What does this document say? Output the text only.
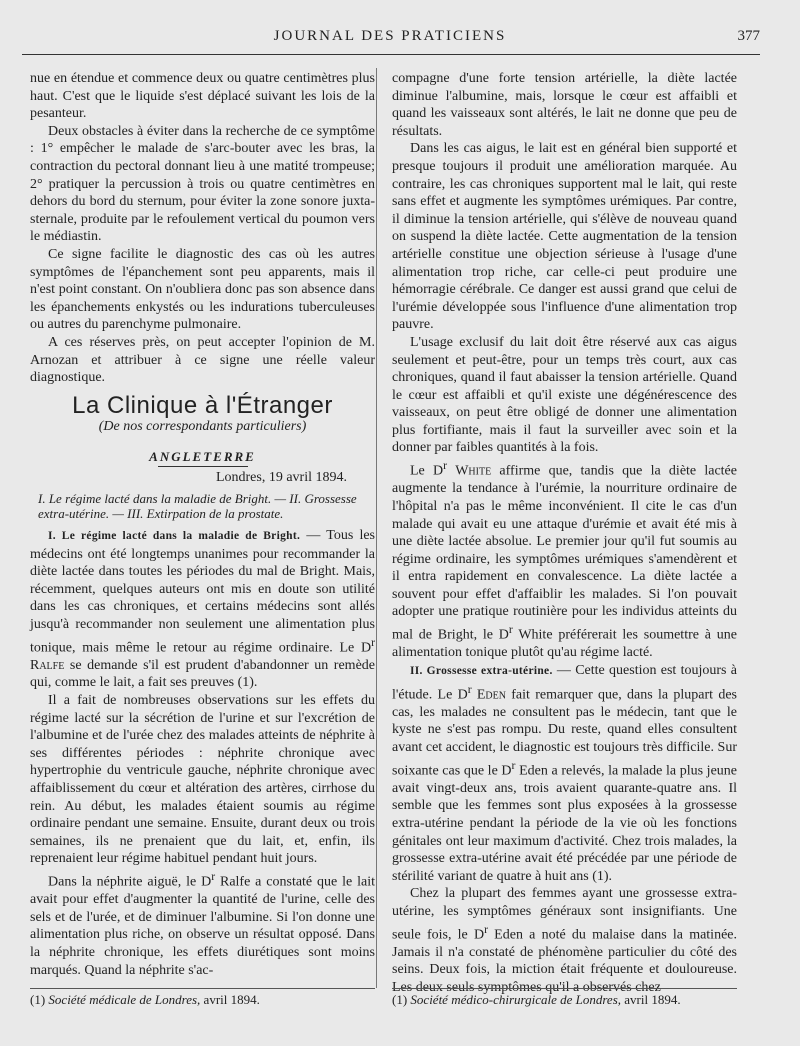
JOURNAL DES PRATICIENS	377

nue en étendue et commence deux ou quatre centimètres plus haut. C'est que le liquide s'est déplacé suivant les lois de la pesanteur.

Deux obstacles à éviter dans la recherche de ce symptôme : 1° empêcher le malade de s'arc-bouter avec les bras, la contraction du pectoral donnant lieu à une matité trompeuse; 2° pratiquer la percussion à trois ou quatre centimètres en dehors du bord du sternum, pour éviter la zone sonore juxta-sternale, produite par le refoulement vertical du poumon vers le médiastin.

Ce signe facilite le diagnostic des cas où les autres symptômes de l'épanchement sont peu apparents, mais il n'est point constant. On n'oubliera donc pas son absence dans les épanchements enkystés ou les indurations tuberculeuses ou autres du parenchyme pulmonaire.

A ces réserves près, on peut accepter l'opinion de M. Arnozan et attribuer à ce signe une réelle valeur diagnostique.

La Clinique à l'Étranger
(De nos correspondants particuliers)
ANGLETERRE
Londres, 19 avril 1894.
I. Le régime lacté dans la maladie de Bright. — II. Grossesse extra-utérine. — III. Extirpation de la prostate.

I. Le régime lacté dans la maladie de Bright. — Tous les médecins ont été longtemps unanimes pour recommander la diète lactée dans toutes les périodes du mal de Bright. Mais, récemment, quelques auteurs ont mis en doute son utilité dans les cas chroniques, et certains médecins sont allés jusqu'à recommander non seulement une alimentation plus tonique, mais même le retour au régime ordinaire. Le $D^r$ Ralfe se demande s'il est prudent d'abandonner un remède qui, comme le lait, a fait ses preuves (1).

Il a fait de nombreuses observations sur les effets du régime lacté sur la sécrétion de l'urine et sur l'excrétion de l'albumine et de l'urée chez des malades atteints de néphrite à ses différentes périodes : néphrite chronique avec hypertrophie du ventricule gauche, néphrite chronique avec affaiblissement du cœur et altération des artères, cirrhose du rein. Au début, les malades étaient soumis au régime ordinaire pendant une semaine. Ensuite, durant deux ou trois semaines, ils ne prenaient que du lait, et, enfin, ils reprenaient leur régime habituel pendant huit jours.

Dans la néphrite aiguë, le $D^r$ Ralfe a constaté que le lait avait pour effet d'augmenter la quantité de l'urine, celle des sels et de l'urée, et de diminuer l'albumine. Si l'on donne une alimentation plus riche, on observe un résultat opposé. Dans la néphrite chronique, les effets diurétiques sont moins marqués. Quand la néphrite s'ac-

compagne d'une forte tension artérielle, la diète lactée diminue l'albumine, mais, lorsque le cœur est affaibli et quand les vaisseaux sont altérés, le lait ne donne que peu de résultats.

Dans les cas aigus, le lait est en général bien supporté et presque toujours il produit une amélioration marquée. Au contraire, les cas chroniques supportent mal le lait, qui reste sans effet et augmente les symptômes urémiques. Par contre, il diminue la tension artérielle, qui s'élève de nouveau quand on suspend la diète lactée. Cette augmentation de la tension artérielle constitue une objection sérieuse à l'usage d'une alimentation trop riche, car celle-ci peut produire une hémorragie cérébrale. Ce danger est aussi grand que celui de l'urémie développée sous l'influence d'une alimentation trop pauvre.

L'usage exclusif du lait doit être réservé aux cas aigus seulement et peut-être, pour un temps très court, aux cas chroniques, quand il faut abaisser la tension artérielle. Quand le cœur est affaibli et qu'il existe une dégénérescence des vaisseaux, on peut être obligé de donner une alimentation plus fortifiante, mais il faut la surveiller avec soin et la donner par faibles quantités à la fois.

Le $D^r$ White affirme que, tandis que la diète lactée augmente la tendance à l'urémie, la nourriture ordinaire de l'hôpital n'a pas le même inconvénient. Il cite le cas d'un malade qui avait eu une attaque d'urémie et avait été mis à une diète lactée absolue. Le premier jour qu'il fut soumis au régime ordinaire, les symptômes urémiques s'amendèrent et il entra rapidement en convalescence. La diète lactée a souvent pour effet d'affaiblir les malades. Si l'on pouvait adopter une pratique routinière pour les individus atteints du mal de Bright, le $D^r$ White préférerait les soumettre à une alimentation tonique plutôt qu'au régime lacté.

II. Grossesse extra-utérine. — Cette question est toujours à l'étude. Le $D^r$ Eden fait remarquer que, dans la plupart des cas, les malades ne consultent pas le médecin, tant que le kyste ne s'est pas rompu. Du reste, quand elles consultent avant cet accident, le diagnostic est toujours très difficile. Sur soixante cas que le $D^r$ Eden a relevés, la malade la plus jeune avait vingt-deux ans, trois avaient quarante-quatre ans. Il semble que les femmes sont plus exposées à la grossesse extra-utérine pendant la période de la vie où les fonctions génitales ont leur maximum d'activité. Chez trois malades, la grossesse extra-utérine avait été précédée par une période de stérilité variant de quatre à huit ans (1).

Chez la plupart des femmes ayant une grossesse extra-utérine, les symptômes généraux sont insignifiants. Une seule fois, le $D^r$ Eden a noté du malaise dans la matinée. Jamais il n'a constaté de phénomène particulier du côté des seins. Deux fois, la miction était fréquente et douloureuse. Les deux seuls symptômes qu'il a observés chez

(1) Société médicale de Londres, avril 1894.	(1) Société médico-chirurgicale de Londres, avril 1894.
